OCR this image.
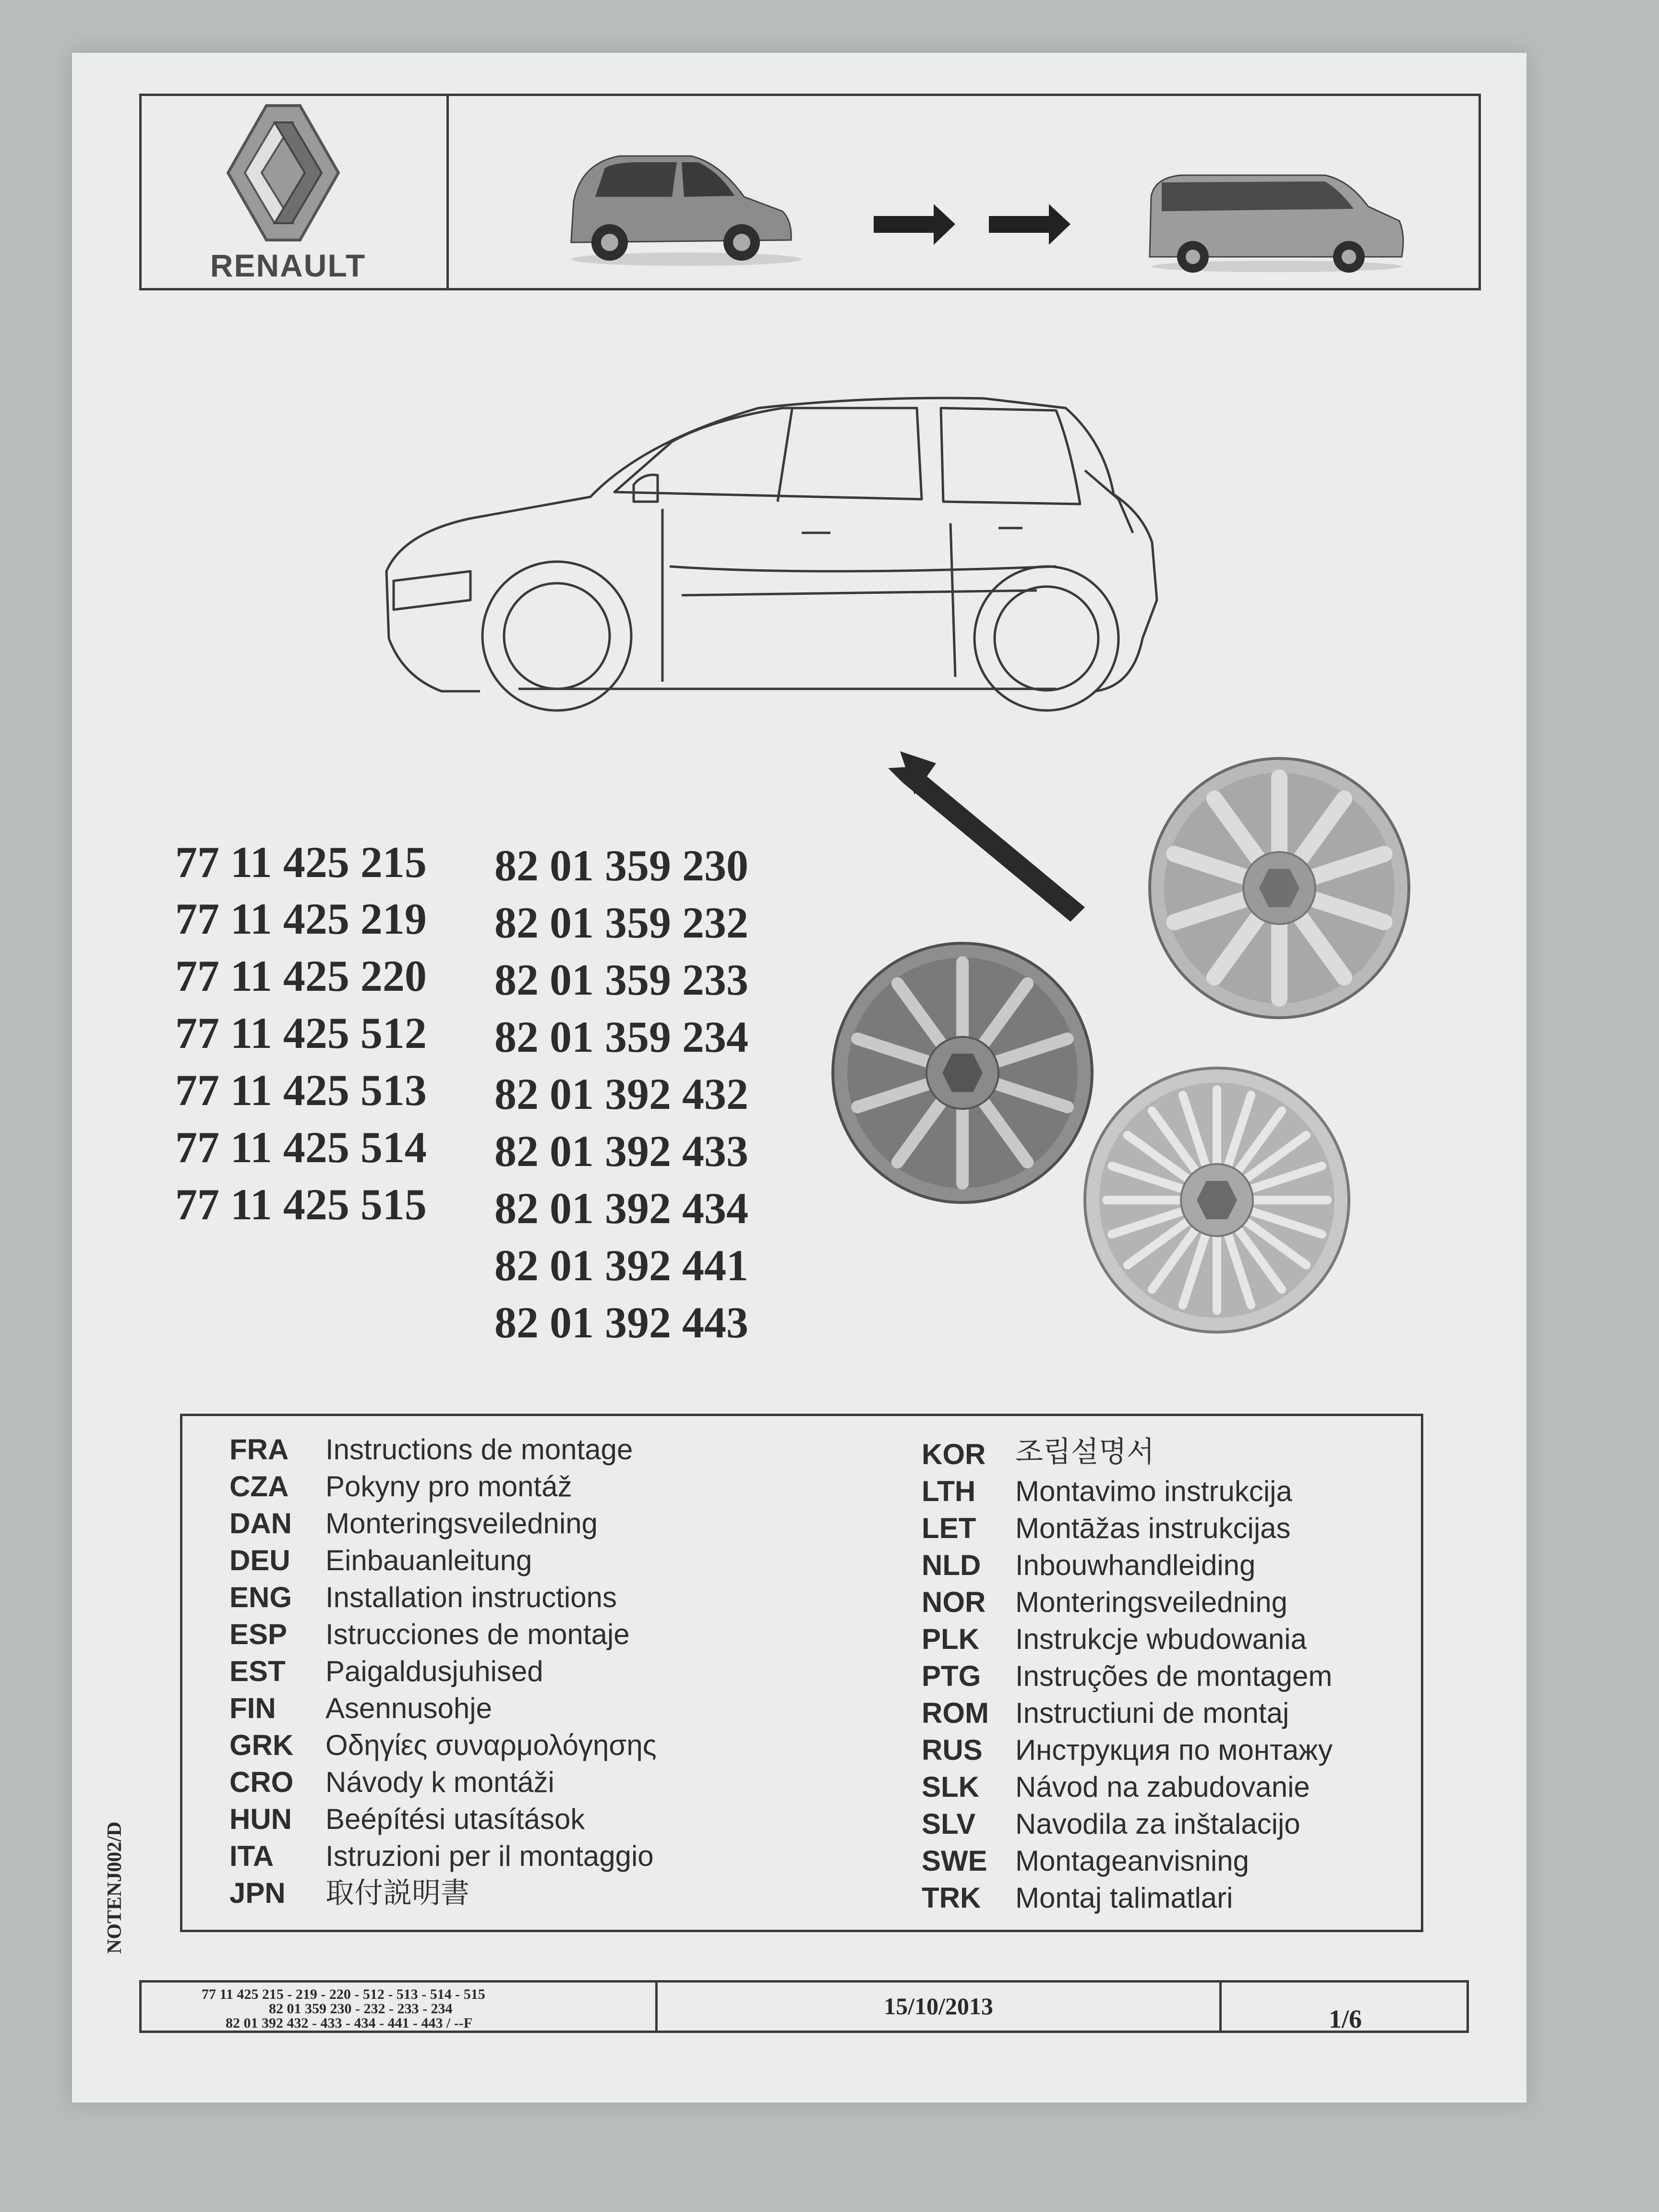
RENAULT
77 11 425 215
77 11 425 219
77 11 425 220
77 11 425 512
77 11 425 513
77 11 425 514
77 11 425 515
82 01 359 230
82 01 359 232
82 01 359 233
82 01 359 234
82 01 392 432
82 01 392 433
82 01 392 434
82 01 392 441
82 01 392 443
FRA Instructions de montage
CZA Pokyny pro montáž
DAN Monteringsveiledning
DEU Einbauanleitung
ENG Installation instructions
ESP Istrucciones de montaje
EST Paigaldusjuhised
FIN Asennusohje
GRK Οδηγίες συναρμολόγησης
CRO Návody k montáži
HUN Beépítési utasítások
ITA Istruzioni per il montaggio
JPN 取付説明書
KOR 조립설명서
LTH Montavimo instrukcija
LET Montāžas instrukcijas
NLD Inbouwhandleiding
NOR Monteringsveiledning
PLK Instrukcje wbudowania
PTG Instruções de montagem
ROM Instructiuni de montaj
RUS Инструкция по монтажу
SLK Návod na zabudovanie
SLV Navodila za inštalacijo
SWE Montageanvisning
TRK Montaj talimatlari
NOTENJ002/D
77 11 425 215 - 219 - 220 - 512 - 513 - 514 - 515
82 01 359 230 - 232 - 233 - 234
82 01 392 432 - 433 - 434 - 441 - 443 / --F
15/10/2013	1/6
